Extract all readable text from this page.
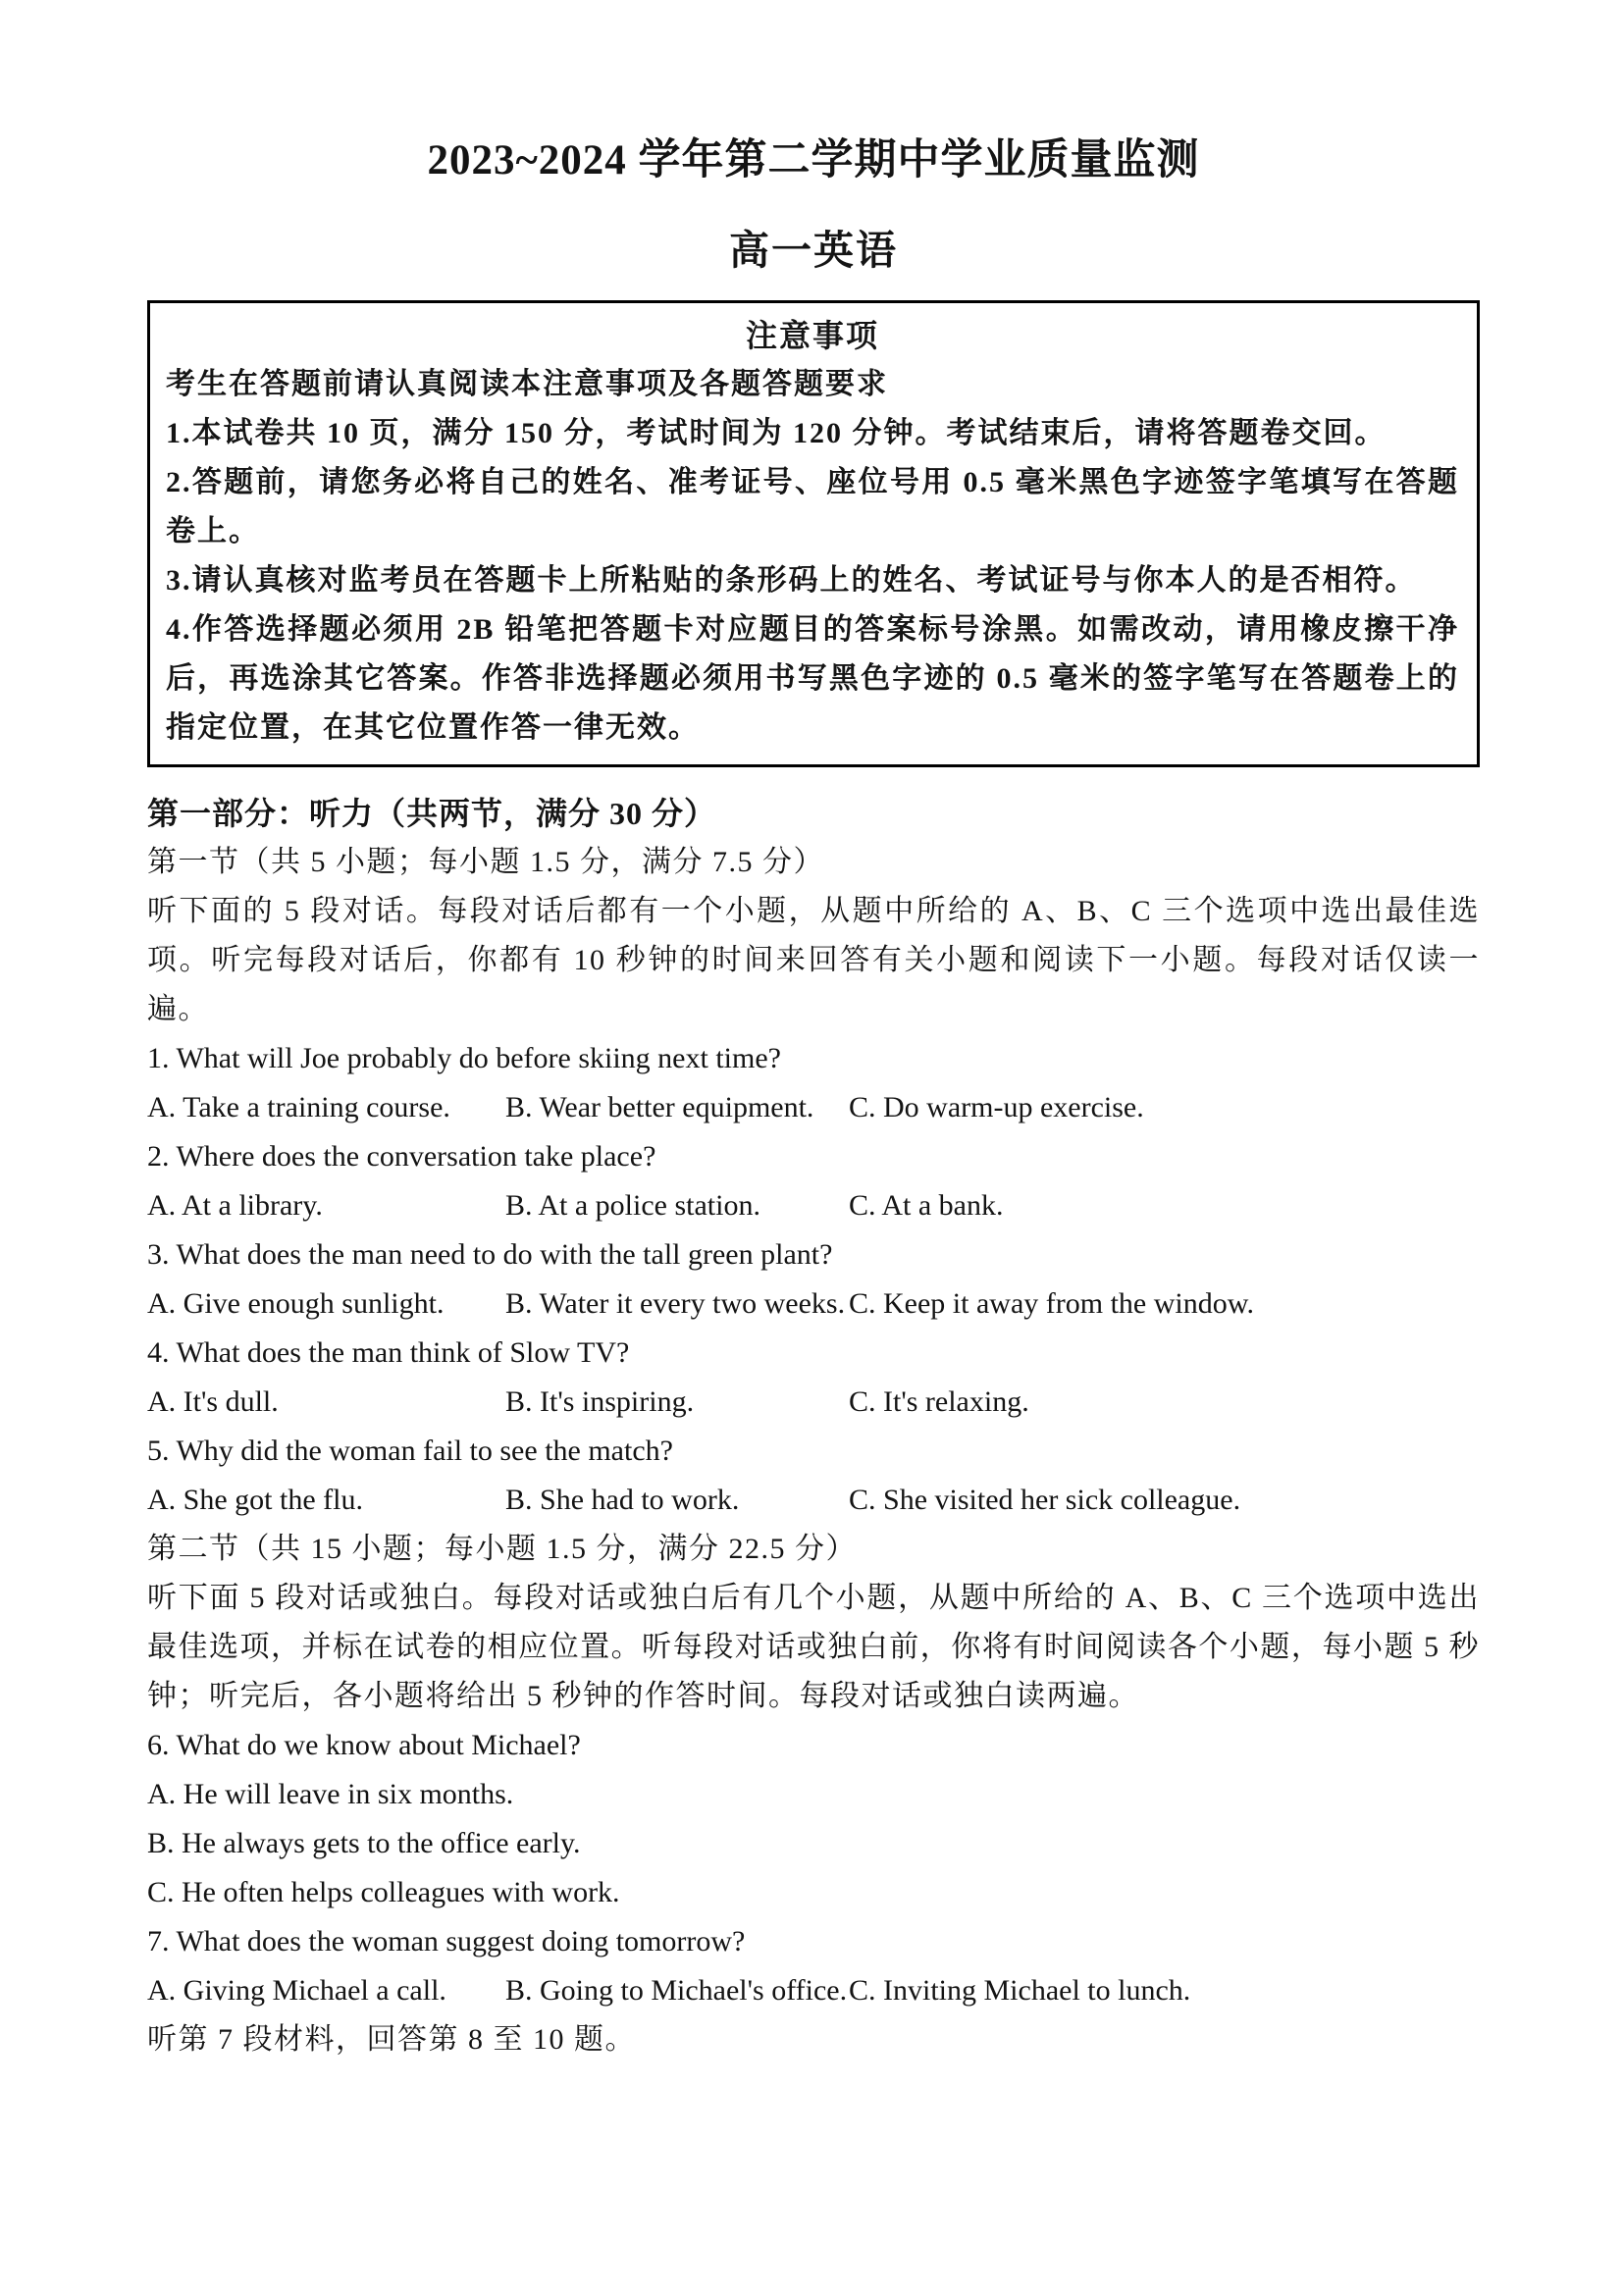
2023~2024 学年第二学期中学业质量监测
高一英语
注意事项

考生在答题前请认真阅读本注意事项及各题答题要求

1.本试卷共 10 页，满分 150 分，考试时间为 120 分钟。考试结束后，请将答题卷交回。

2.答题前，请您务必将自己的姓名、准考证号、座位号用 0.5 毫米黑色字迹签字笔填写在答题卷上。

3.请认真核对监考员在答题卡上所粘贴的条形码上的姓名、考试证号与你本人的是否相符。

4.作答选择题必须用 2B 铅笔把答题卡对应题目的答案标号涂黑。如需改动，请用橡皮擦干净后，再选涂其它答案。作答非选择题必须用书写黑色字迹的 0.5 毫米的签字笔写在答题卷上的指定位置，在其它位置作答一律无效。

第一部分：听力（共两节，满分 30 分）

第一节（共 5 小题；每小题 1.5 分，满分 7.5 分）

听下面的 5 段对话。每段对话后都有一个小题，从题中所给的 A、B、C 三个选项中选出最佳选项。听完每段对话后，你都有 10 秒钟的时间来回答有关小题和阅读下一小题。每段对话仅读一遍。

1. What will Joe probably do before skiing next time?

A. Take a training course.	B. Wear better equipment.	C. Do warm-up exercise.

2. Where does the conversation take place?

A. At a library.	B. At a police station.	C. At a bank.

3. What does the man need to do with the tall green plant?

A. Give enough sunlight.	B. Water it every two weeks. C. Keep it away from the window.

4. What does the man think of Slow TV?

A. It's dull.	B. It's inspiring.	C. It's relaxing.

5. Why did the woman fail to see the match?

A. She got the flu.	B. She had to work.	C. She visited her sick colleague.

第二节（共 15 小题；每小题 1.5 分，满分 22.5 分）

听下面 5 段对话或独白。每段对话或独白后有几个小题，从题中所给的 A、B、C 三个选项中选出最佳选项，并标在试卷的相应位置。听每段对话或独白前，你将有时间阅读各个小题，每小题 5 秒钟；听完后，各小题将给出 5 秒钟的作答时间。每段对话或独白读两遍。

6. What do we know about Michael?

A. He will leave in six months.

B. He always gets to the office early.

C. He often helps colleagues with work.

7. What does the woman suggest doing tomorrow?

A. Giving Michael a call.	B. Going to Michael's office. C. Inviting Michael to lunch.

听第 7 段材料，回答第 8 至 10 题。
